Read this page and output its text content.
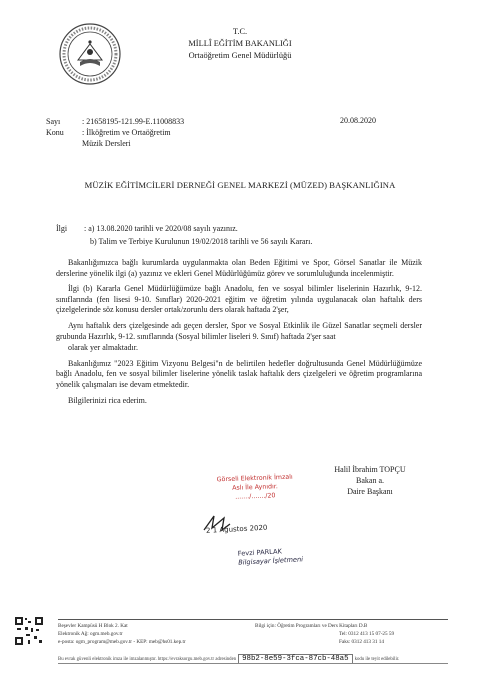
T.C.
MİLLÎ EĞİTİM BAKANLIĞI
Ortaöğretim Genel Müdürlüğü
Sayı	: 21658195-121.99-E.11008833
Konu	: İlköğretim ve Ortaöğretim
Müzik Dersleri
20.08.2020
MÜZİK EĞİTİMCİLERİ DERNEĞİ GENEL MARKEZİ (MÜZED) BAŞKANLIĞINA
İlgi	: a) 13.08.2020 tarihli ve 2020/08 sayılı yazınız.
b) Talim ve Terbiye Kurulunun 19/02/2018 tarihli ve 56 sayılı Kararı.

Bakanlığımızca bağlı kurumlarda uygulanmakta olan Beden Eğitimi ve Spor, Görsel Sanatlar ile Müzik derslerine yönelik ilgi (a) yazınız ve ekleri Genel Müdürlüğümüz görev ve sorumluluğunda incelenmiştir.

İlgi (b) Kararla Genel Müdürlüğümüze bağlı Anadolu, fen ve sosyal bilimler liselerinin Hazırlık, 9-12. sınıflarında (fen lisesi 9-10. Sınıflar) 2020-2021 eğitim ve öğretim yılında uygulanacak olan haftalık ders çizelgelerinde söz konusu dersler ortak/zorunlu ders olarak haftada 2'şer,

Aynı haftalık ders çizelgesinde adı geçen dersler, Spor ve Sosyal Etkinlik ile Güzel Sanatlar seçmeli dersler grubunda Hazırlık, 9-12. sınıflarında (Sosyal bilimler liseleri 9. Sınıf) haftada 2'şer saat

olarak yer almaktadır.

Bakanlığımız "2023 Eğitim Vizyonu Belgesi"n de belirtilen hedefler doğrultusunda Genel Müdürlüğümüze bağlı Anadolu, fen ve sosyal bilimler liselerine yönelik taslak haftalık ders çizelgeleri ve öğretim programlarına yönelik çalışmaları ise devam etmektedir.

Bilgilerinizi rica ederim.

Halil İbrahim TOPÇU
Bakan a.
Daire Başkanı
Görseli Elektronik İmzalı
Aslı İle Aynıdır.
......./......./20
2 1 Ağustos 2020
Fevzi PARLAK
Bilgisayar İşletmeni
Beşevler Kampüsü H Blok 2. Kat
Elektronik Ağ: ogm.meb.gov.tr
e-posta: ogm_program@meb.gov.tr - KEP: meb@hs01.kep.tr
Bilgi için: Öğretim Programları ve Ders Kitapları D.B
Tel: 0312 413 15 07-25 59
Faks: 0312 413 31 14
Bu evrak güvenli elektronik imza ile imzalanmıştır. https://evraksorgu.meb.gov.tr adresinden 98b2-8e59-3fca-87cb-48a5	kodu ile teyit edilebilir.
